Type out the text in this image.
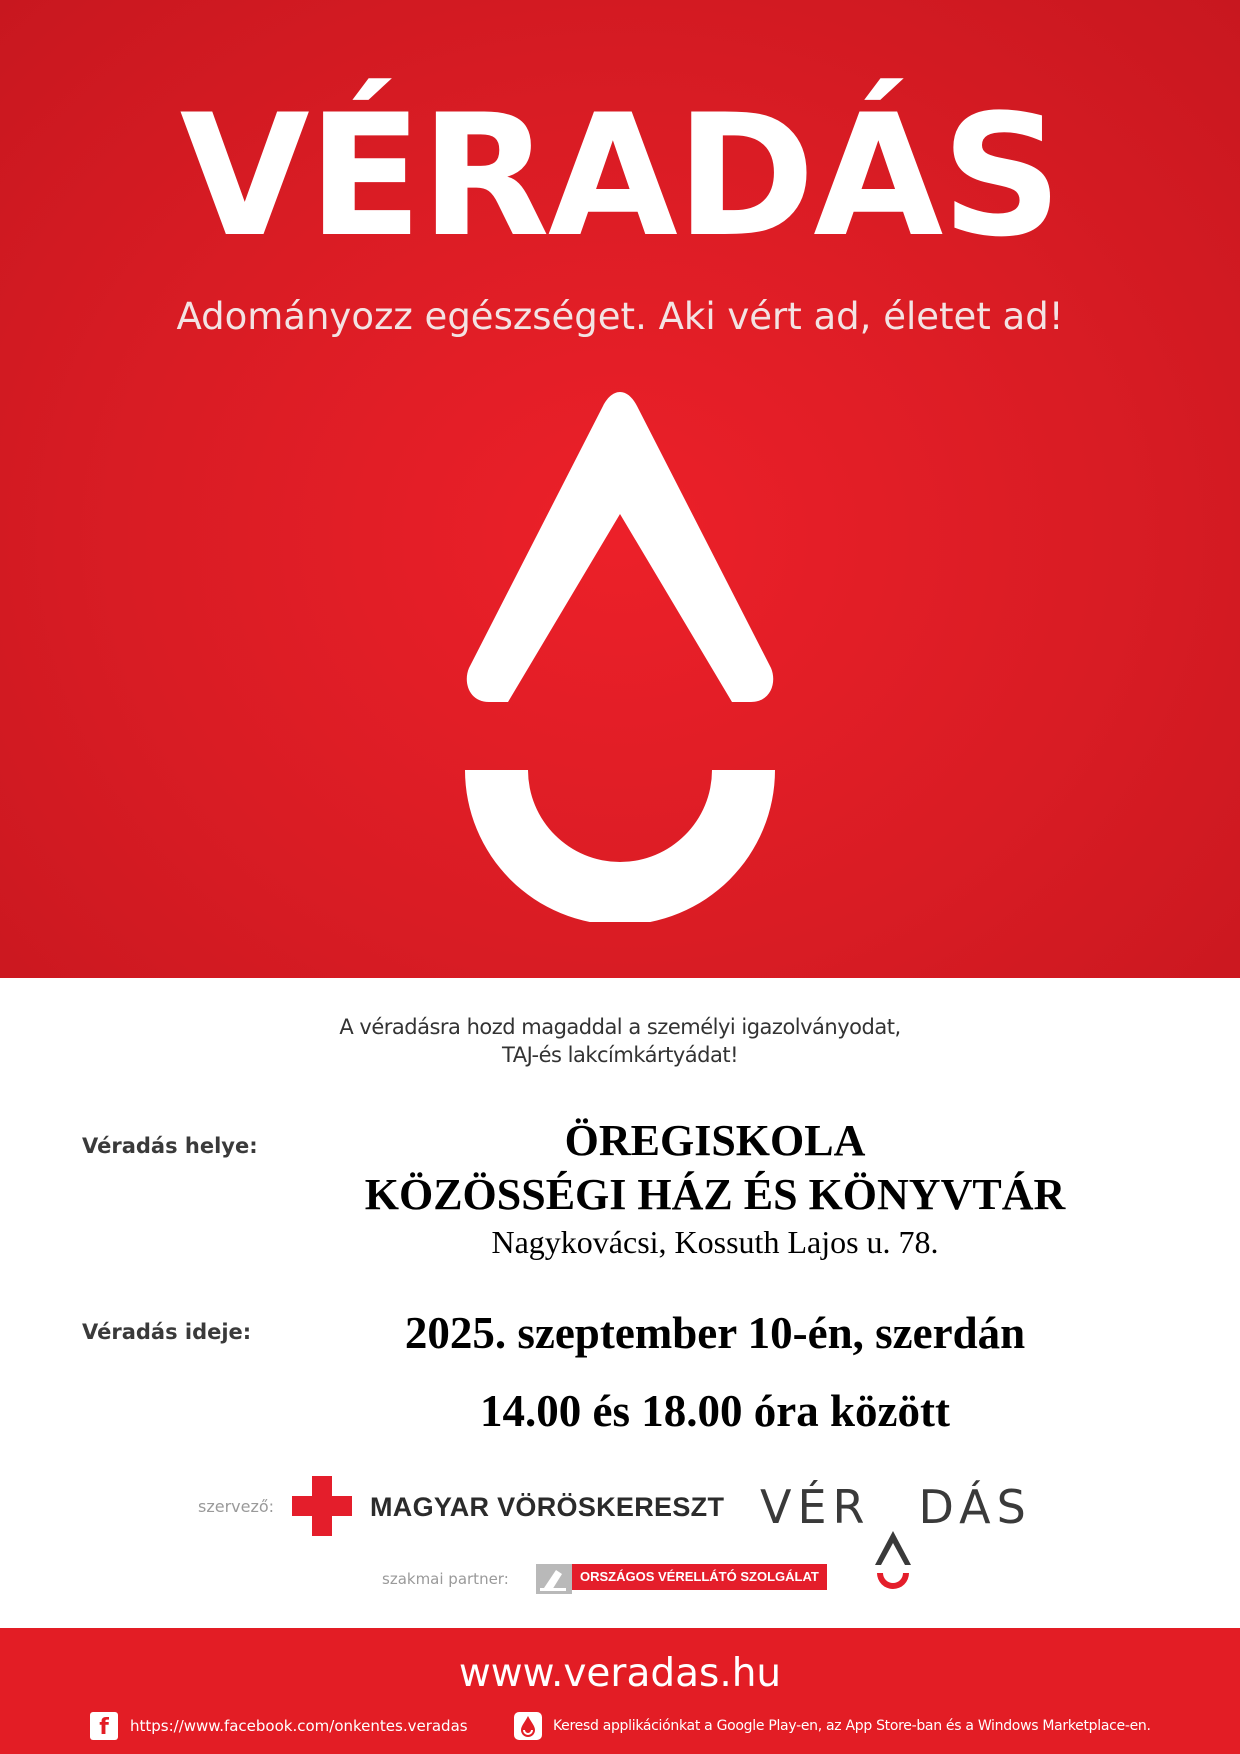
VÉRADÁS
Adományozz egészséget. Aki vért ad, életet ad!
A véradásra hozd magaddal a személyi igazolványodat,
TAJ-és lakcímkártyádat!
Véradás helye:	ÖREGISKOLA
KÖZÖSSÉGI HÁZ ÉS KÖNYVTÁR
Nagykovácsi, Kossuth Lajos u. 78.
Véradás ideje:	2025. szeptember 10-én, szerdán
14.00 és 18.00 óra között
szervező:	MAGYAR VÖRÖSKERESZT VÉR DÁS
szakmai partner:	ORSZÁGOS VÉRELLÁTÓ SZOLGÁLAT
www.veradas.hu
f	https://www.facebook.com/onkentes.veradas	Keresd applikációnkat a Google Play-en, az App Store-ban és a Windows Marketplace-en.
